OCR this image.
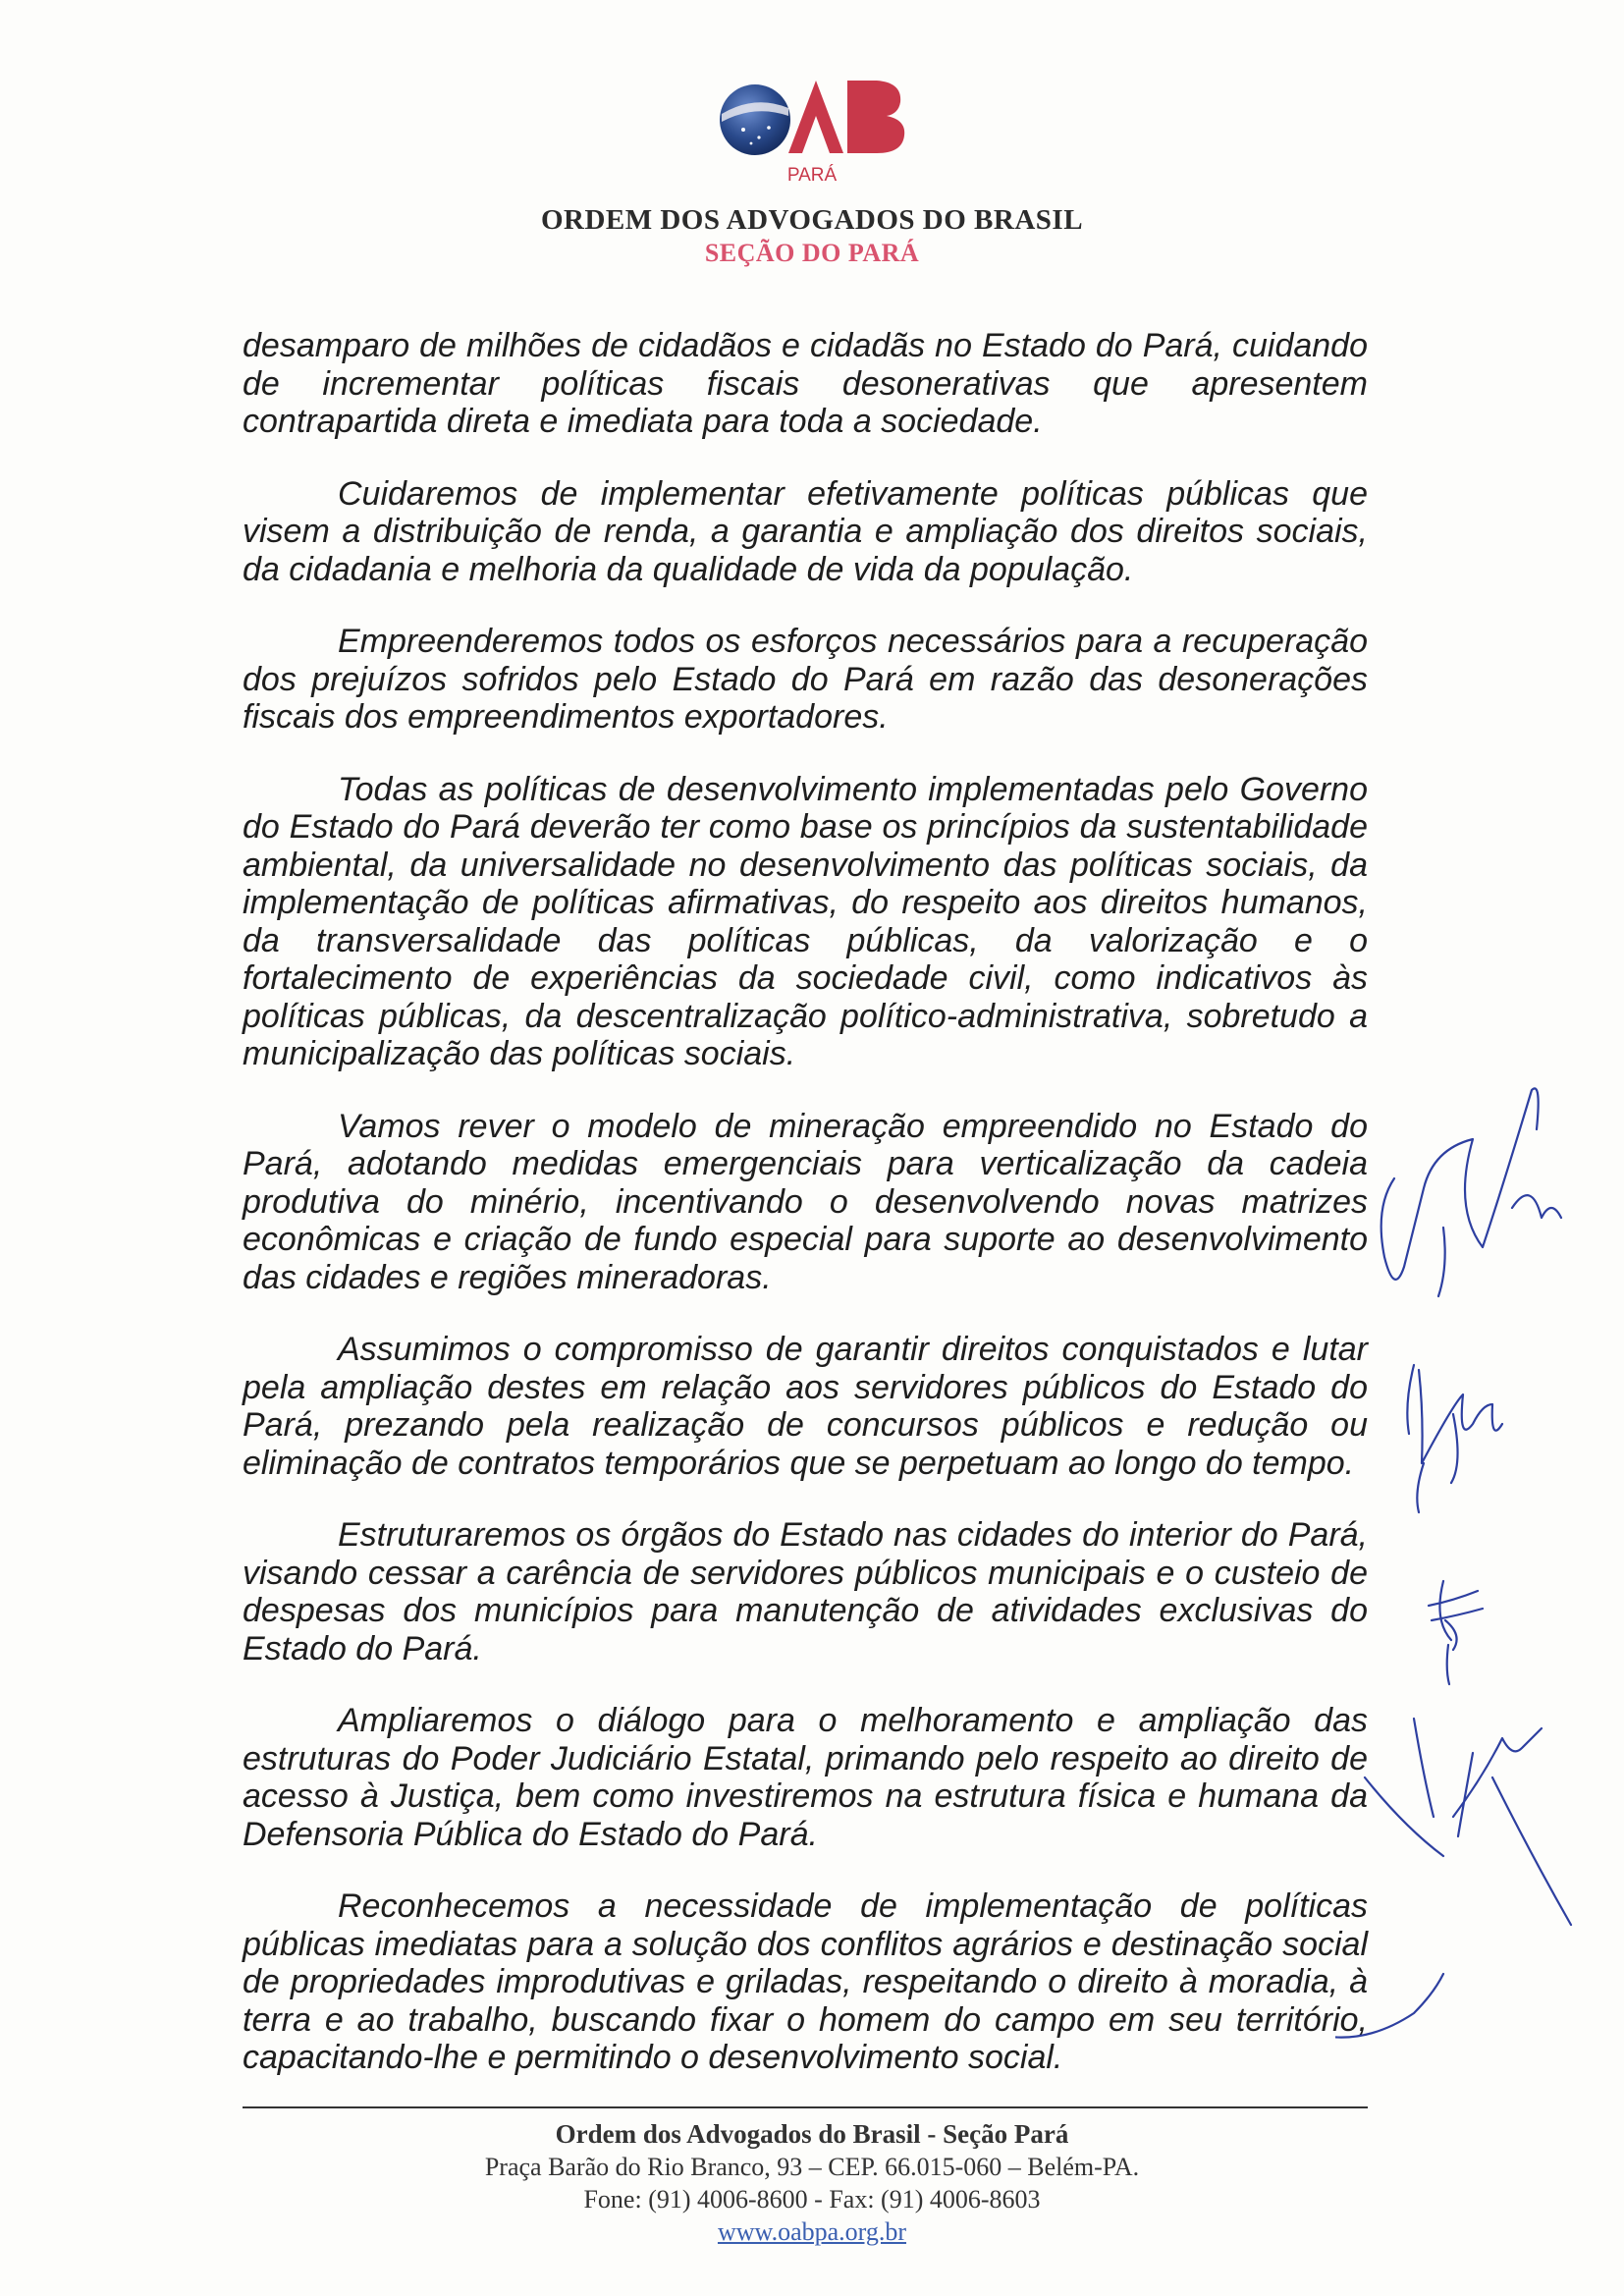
PARÁ
ORDEM DOS ADVOGADOS DO BRASIL
SEÇÃO DO PARÁ

desamparo de milhões de cidadãos e cidadãs no Estado do Pará, cuidando de incrementar políticas fiscais desonerativas que apresentem contrapartida direta e imediata para toda a sociedade.

Cuidaremos de implementar efetivamente políticas públicas que visem a distribuição de renda, a garantia e ampliação dos direitos sociais, da cidadania e melhoria da qualidade de vida da população.

Empreenderemos todos os esforços necessários para a recuperação dos prejuízos sofridos pelo Estado do Pará em razão das desonerações fiscais dos empreendimentos exportadores.

Todas as políticas de desenvolvimento implementadas pelo Governo do Estado do Pará deverão ter como base os princípios da sustentabilidade ambiental, da universalidade no desenvolvimento das políticas sociais, da implementação de políticas afirmativas, do respeito aos direitos humanos, da transversalidade das políticas públicas, da valorização e o fortalecimento de experiências da sociedade civil, como indicativos às políticas públicas, da descentralização político-administrativa, sobretudo a municipalização das políticas sociais.

Vamos rever o modelo de mineração empreendido no Estado do Pará, adotando medidas emergenciais para verticalização da cadeia produtiva do minério, incentivando o desenvolvendo novas matrizes econômicas e criação de fundo especial para suporte ao desenvolvimento das cidades e regiões mineradoras.

Assumimos o compromisso de garantir direitos conquistados e lutar pela ampliação destes em relação aos servidores públicos do Estado do Pará, prezando pela realização de concursos públicos e redução ou eliminação de contratos temporários que se perpetuam ao longo do tempo.

Estruturaremos os órgãos do Estado nas cidades do interior do Pará, visando cessar a carência de servidores públicos municipais e o custeio de despesas dos municípios para manutenção de atividades exclusivas do Estado do Pará.

Ampliaremos o diálogo para o melhoramento e ampliação das estruturas do Poder Judiciário Estatal, primando pelo respeito ao direito de acesso à Justiça, bem como investiremos na estrutura física e humana da Defensoria Pública do Estado do Pará.

Reconhecemos a necessidade de implementação de políticas públicas imediatas para a solução dos conflitos agrários e destinação social de propriedades improdutivas e griladas, respeitando o direito à moradia, à terra e ao trabalho, buscando fixar o homem do campo em seu território, capacitando-lhe e permitindo o desenvolvimento social.

Ordem dos Advogados do Brasil - Seção Pará
Praça Barão do Rio Branco, 93 – CEP. 66.015-060 – Belém-PA.
Fone: (91) 4006-8600 - Fax: (91) 4006-8603
www.oabpa.org.br
